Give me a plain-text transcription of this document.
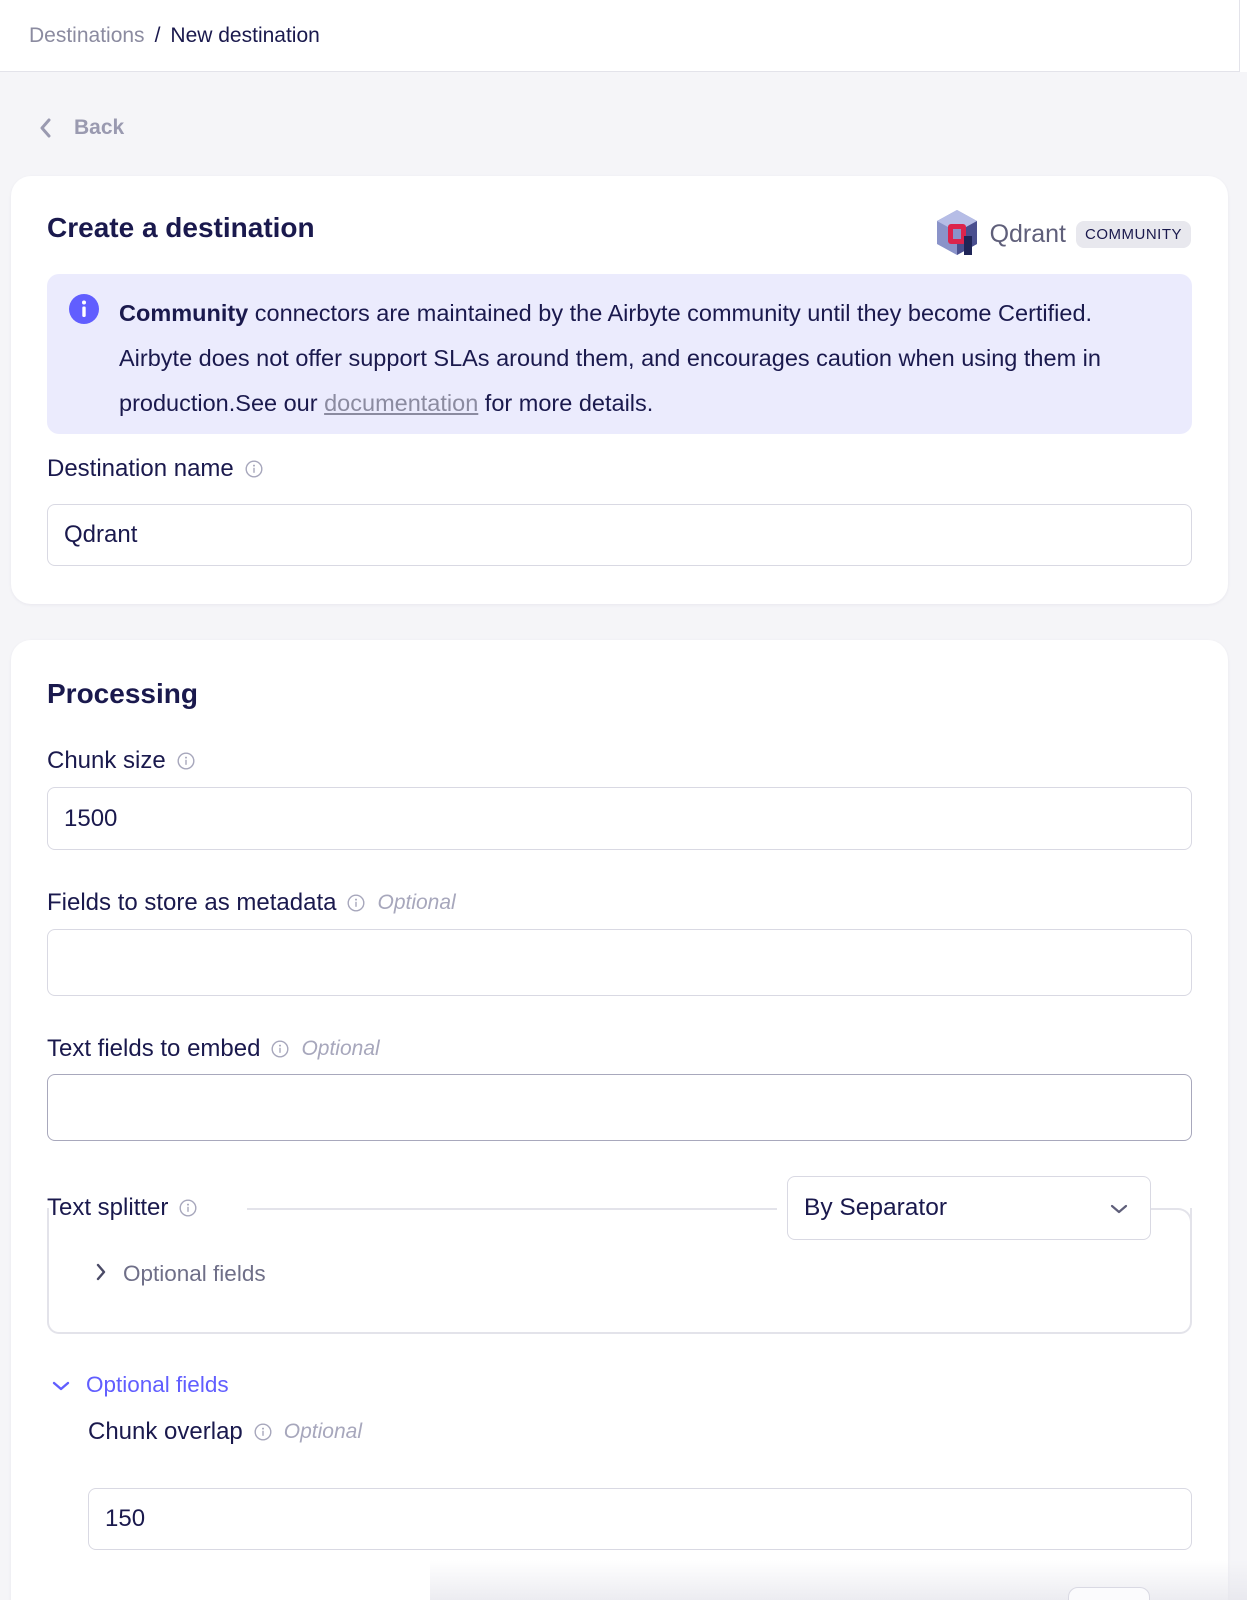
Destinations / New destination
Back
Create a destination	Qdrant	COMMUNITY
Community connectors are maintained by the Airbyte community until they become Certified. Airbyte does not offer support SLAs around them, and encourages caution when using them in production.See our documentation for more details.
Destination name
Qdrant
Processing
Chunk size
1500
Fields to store as metadata Optional
Text fields to embed Optional
Text splitter	By Separator
Optional fields
Optional fields
Chunk overlap Optional
150
